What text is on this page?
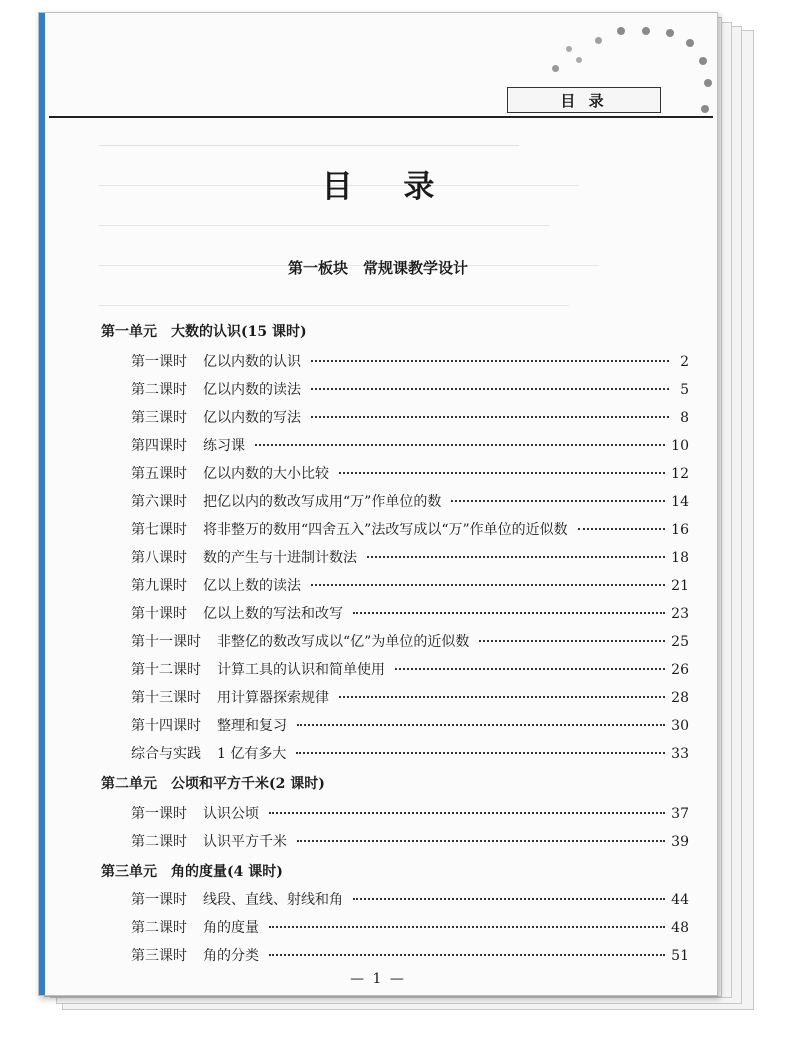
目 录
目 录
第一板块　常规课教学设计
第一单元 大数的认识(15 课时)
第一课时 亿以内数的认识	2
第二课时 亿以内数的读法	5
第三课时 亿以内数的写法	8
第四课时 练习课	10
第五课时 亿以内数的大小比较	12
第六课时 把亿以内的数改写成用“万”作单位的数	14
第七课时 将非整万的数用“四舍五入”法改写成以“万”作单位的近似数	16
第八课时 数的产生与十进制计数法	18
第九课时 亿以上数的读法	21
第十课时 亿以上数的写法和改写	23
第十一课时 非整亿的数改写成以“亿”为单位的近似数	25
第十二课时 计算工具的认识和简单使用	26
第十三课时 用计算器探索规律	28
第十四课时 整理和复习	30
综合与实践 1 亿有多大	33
第二单元 公顷和平方千米(2 课时)
第一课时 认识公顷	37
第二课时 认识平方千米	39
第三单元 角的度量(4 课时)
第一课时 线段、直线、射线和角	44
第二课时 角的度量	48
第三课时 角的分类	51
— 1 —
